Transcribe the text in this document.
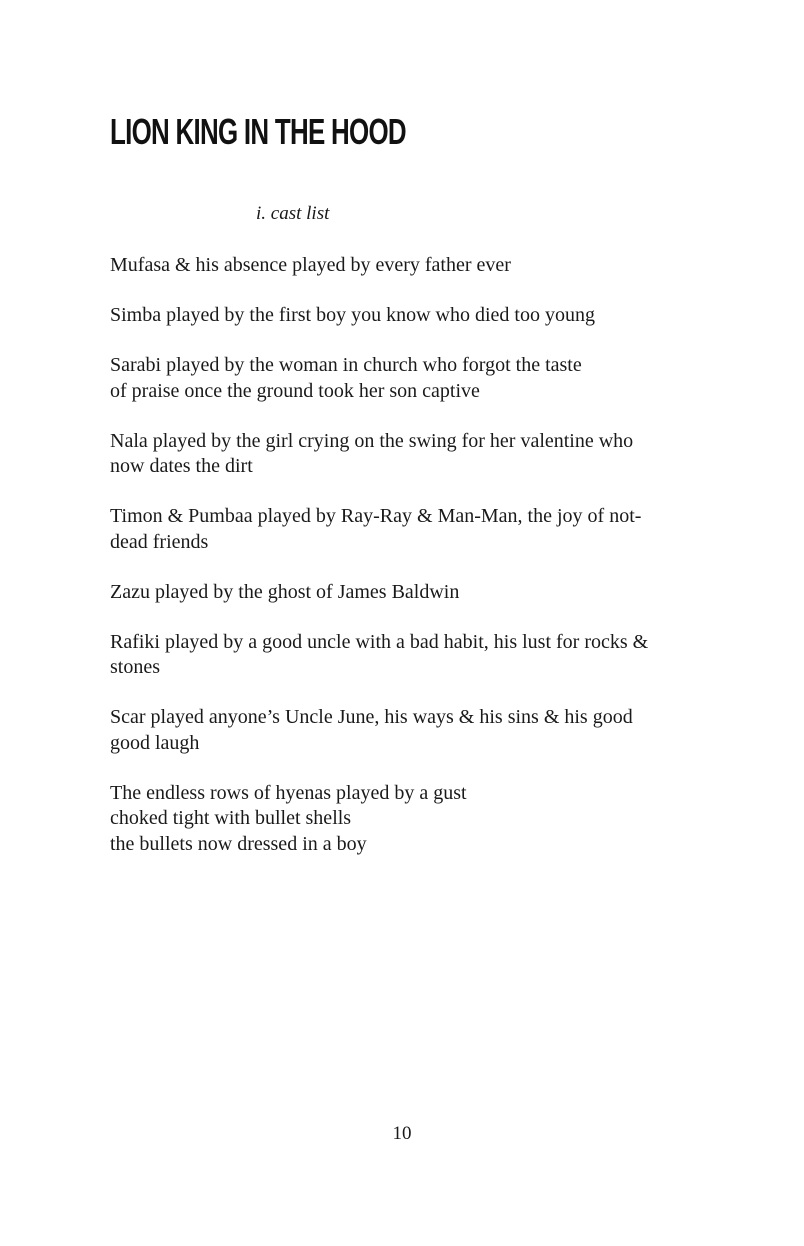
LION KING IN THE HOOD

i. cast list

Mufasa & his absence played by every father ever

Simba played by the first boy you know who died too young

Sarabi played by the woman in church who forgot the taste
of praise once the ground took her son captive

Nala played by the girl crying on the swing for her valentine who
now dates the dirt

Timon & Pumbaa played by Ray-Ray & Man-Man, the joy of not-
dead friends

Zazu played by the ghost of James Baldwin

Rafiki played by a good uncle with a bad habit, his lust for rocks &
stones

Scar played anyone’s Uncle June, his ways & his sins & his good
good laugh

The endless rows of hyenas played by a gust
choked tight with bullet shells
the bullets now dressed in a boy

10
